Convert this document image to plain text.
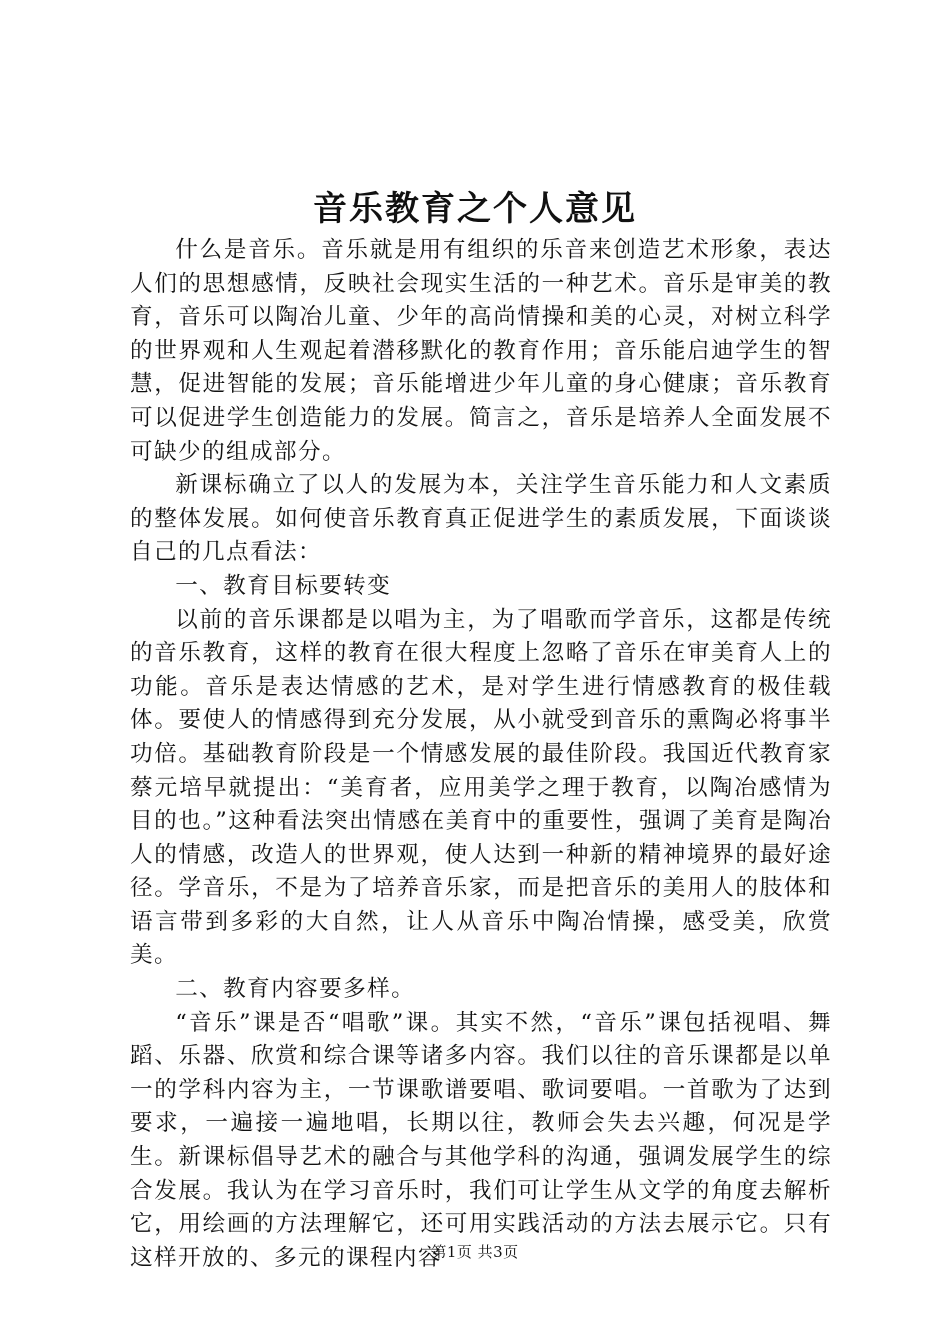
音乐教育之个人意见

什么是音乐。音乐就是用有组织的乐音来创造艺术形象，表达人们的思想感情，反映社会现实生活的一种艺术。音乐是审美的教育，音乐可以陶冶儿童、少年的高尚情操和美的心灵，对树立科学的世界观和人生观起着潜移默化的教育作用；音乐能启迪学生的智慧，促进智能的发展；音乐能增进少年儿童的身心健康；音乐教育可以促进学生创造能力的发展。简言之，音乐是培养人全面发展不可缺少的组成部分。

新课标确立了以人的发展为本，关注学生音乐能力和人文素质的整体发展。如何使音乐教育真正促进学生的素质发展，下面谈谈自己的几点看法：

一、教育目标要转变

以前的音乐课都是以唱为主，为了唱歌而学音乐，这都是传统的音乐教育，这样的教育在很大程度上忽略了音乐在审美育人上的功能。音乐是表达情感的艺术，是对学生进行情感教育的极佳载体。要使人的情感得到充分发展，从小就受到音乐的熏陶必将事半功倍。基础教育阶段是一个情感发展的最佳阶段。我国近代教育家蔡元培早就提出：“美育者，应用美学之理于教育，以陶冶感情为目的也。”这种看法突出情感在美育中的重要性，强调了美育是陶冶人的情感，改造人的世界观，使人达到一种新的精神境界的最好途径。学音乐，不是为了培养音乐家，而是把音乐的美用人的肢体和语言带到多彩的大自然，让人从音乐中陶冶情操，感受美，欣赏美。

二、教育内容要多样。

“音乐”课是否“唱歌”课。其实不然，“音乐”课包括视唱、舞蹈、乐器、欣赏和综合课等诸多内容。我们以往的音乐课都是以单一的学科内容为主，一节课歌谱要唱、歌词要唱。一首歌为了达到要求，一遍接一遍地唱，长期以往，教师会失去兴趣，何况是学生。新课标倡导艺术的融合与其他学科的沟通，强调发展学生的综合发展。我认为在学习音乐时，我们可让学生从文学的角度去解析它，用绘画的方法理解它，还可用实践活动的方法去展示它。只有这样开放的、多元的课程内容

第1页 共3页
